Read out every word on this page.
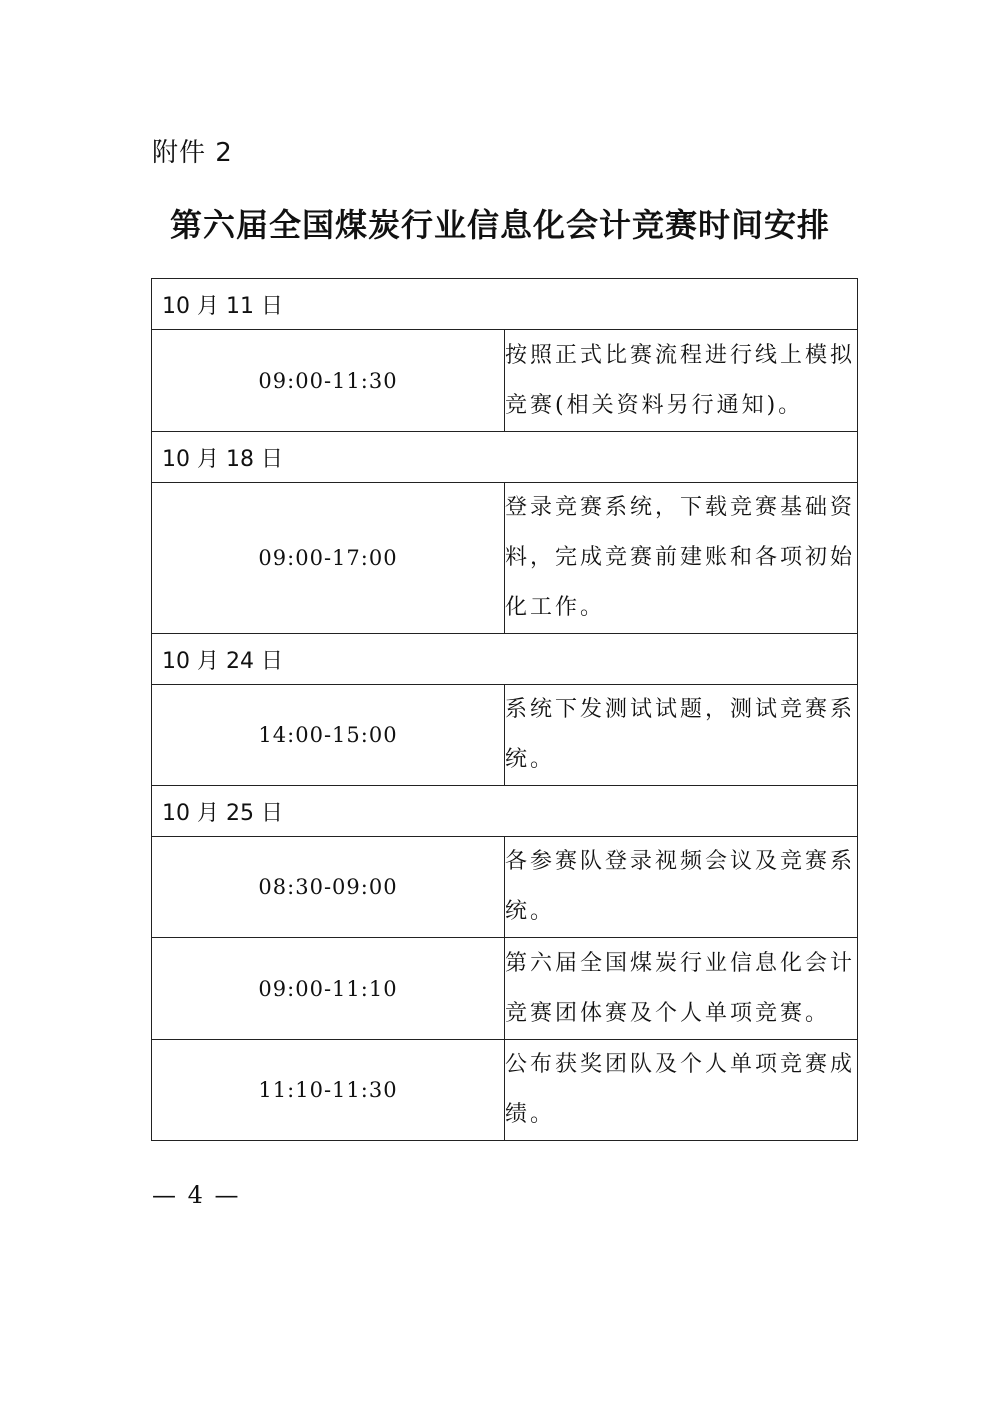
附件 2
第六届全国煤炭行业信息化会计竞赛时间安排
10 月 11 日	
09:00-11:30	按照正式比赛流程进行线上模拟竞赛(相关资料另行通知)。
10 月 18 日	
09:00-17:00	登录竞赛系统，下载竞赛基础资料，完成竞赛前建账和各项初始化工作。
10 月 24 日	
14:00-15:00	系统下发测试试题，测试竞赛系统。
10 月 25 日	
08:30-09:00	各参赛队登录视频会议及竞赛系统。
09:00-11:10	第六届全国煤炭行业信息化会计竞赛团体赛及个人单项竞赛。
11:10-11:30	公布获奖团队及个人单项竞赛成绩。
— 4 —
